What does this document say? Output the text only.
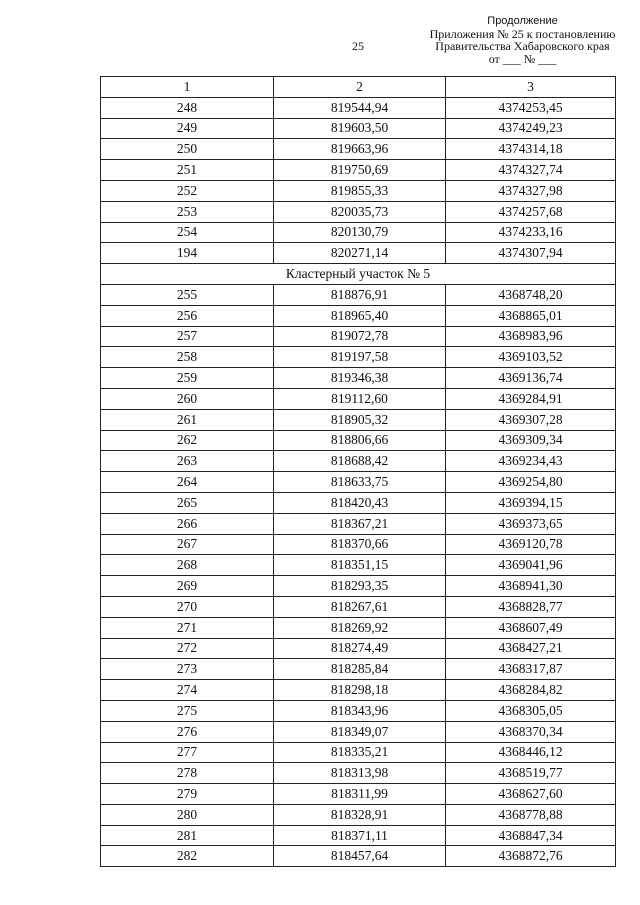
25
Продолжение
Приложения № 25 к постановлению
Правительства Хабаровского края
от ___ № ___
1	2	3
248	819544,94	4374253,45
249	819603,50	4374249,23
250	819663,96	4374314,18
251	819750,69	4374327,74
252	819855,33	4374327,98
253	820035,73	4374257,68
254	820130,79	4374233,16
194	820271,14	4374307,94
Кластерный участок № 5		
255	818876,91	4368748,20
256	818965,40	4368865,01
257	819072,78	4368983,96
258	819197,58	4369103,52
259	819346,38	4369136,74
260	819112,60	4369284,91
261	818905,32	4369307,28
262	818806,66	4369309,34
263	818688,42	4369234,43
264	818633,75	4369254,80
265	818420,43	4369394,15
266	818367,21	4369373,65
267	818370,66	4369120,78
268	818351,15	4369041,96
269	818293,35	4368941,30
270	818267,61	4368828,77
271	818269,92	4368607,49
272	818274,49	4368427,21
273	818285,84	4368317,87
274	818298,18	4368284,82
275	818343,96	4368305,05
276	818349,07	4368370,34
277	818335,21	4368446,12
278	818313,98	4368519,77
279	818311,99	4368627,60
280	818328,91	4368778,88
281	818371,11	4368847,34
282	818457,64	4368872,76
